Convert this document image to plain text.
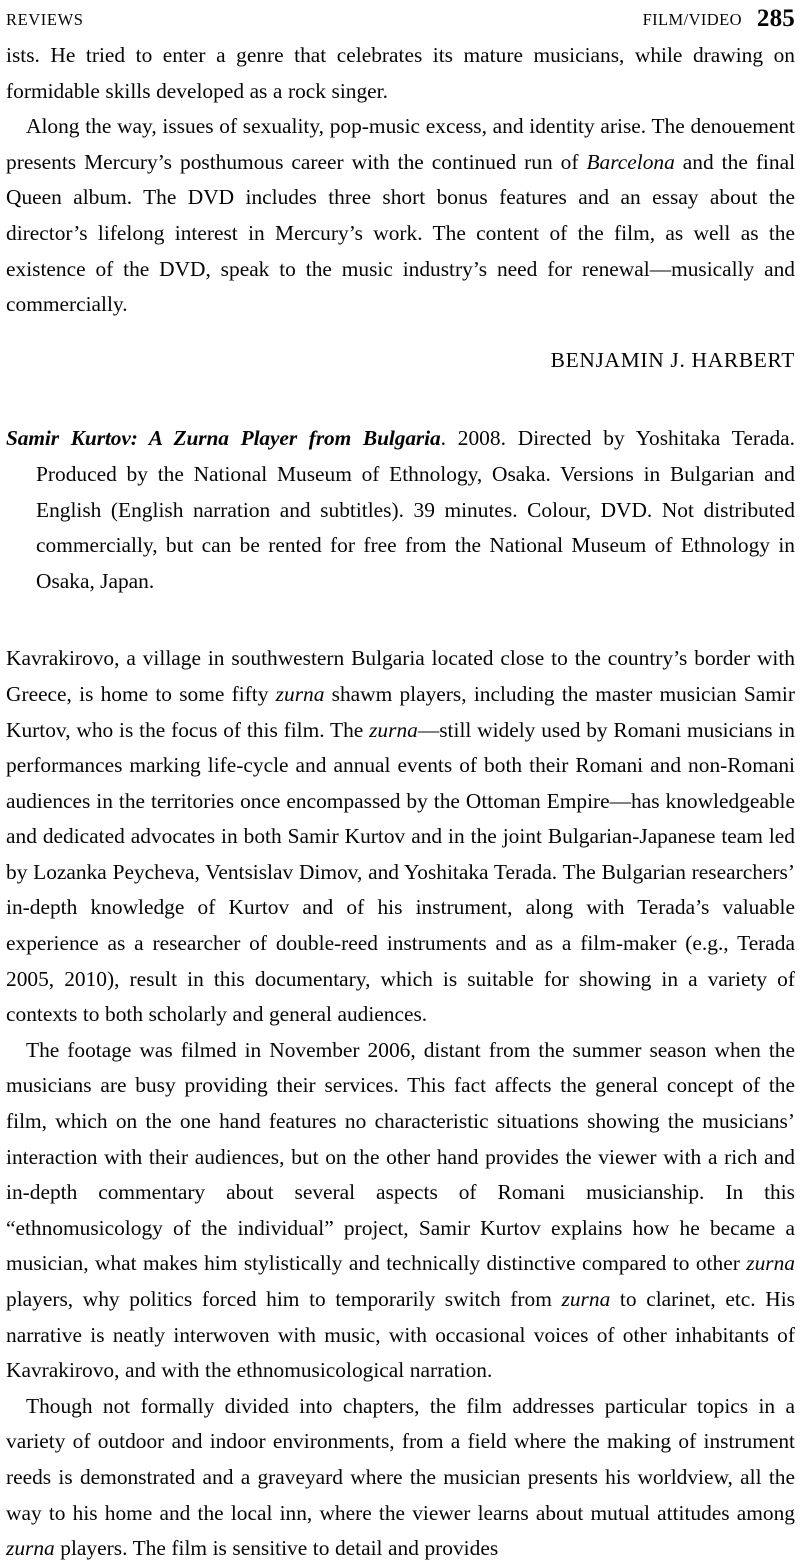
REVIEWS	FILM/VIDEO 285

ists. He tried to enter a genre that celebrates its mature musicians, while drawing on formidable skills developed as a rock singer.

Along the way, issues of sexuality, pop-music excess, and identity arise. The denouement presents Mercury’s posthumous career with the continued run of Barcelona and the final Queen album. The DVD includes three short bonus features and an essay about the director’s lifelong interest in Mercury’s work. The content of the film, as well as the existence of the DVD, speak to the music industry’s need for renewal—musically and commercially.

BENJAMIN J. HARBERT

Samir Kurtov: A Zurna Player from Bulgaria. 2008. Directed by Yoshitaka Terada. Produced by the National Museum of Ethnology, Osaka. Versions in Bulgarian and English (English narration and subtitles). 39 minutes. Colour, DVD. Not distributed commercially, but can be rented for free from the National Museum of Ethnology in Osaka, Japan.

Kavrakirovo, a village in southwestern Bulgaria located close to the country’s border with Greece, is home to some fifty zurna shawm players, including the master musician Samir Kurtov, who is the focus of this film. The zurna—still widely used by Romani musicians in performances marking life-cycle and annual events of both their Romani and non-Romani audiences in the territories once encompassed by the Ottoman Empire—has knowledgeable and dedicated advocates in both Samir Kurtov and in the joint Bulgarian-Japanese team led by Lozanka Peycheva, Ventsislav Dimov, and Yoshitaka Terada. The Bulgarian researchers’ in-depth knowledge of Kurtov and of his instrument, along with Terada’s valuable experience as a researcher of double-reed instruments and as a film-maker (e.g., Terada 2005, 2010), result in this documentary, which is suitable for showing in a variety of contexts to both scholarly and general audiences.

The footage was filmed in November 2006, distant from the summer season when the musicians are busy providing their services. This fact affects the general concept of the film, which on the one hand features no characteristic situations showing the musicians’ interaction with their audiences, but on the other hand provides the viewer with a rich and in-depth commentary about several aspects of Romani musicianship. In this “ethnomusicology of the individual” project, Samir Kurtov explains how he became a musician, what makes him stylistically and technically distinctive compared to other zurna players, why politics forced him to temporarily switch from zurna to clarinet, etc. His narrative is neatly interwoven with music, with occasional voices of other inhabitants of Kavrakirovo, and with the ethnomusicological narration.

Though not formally divided into chapters, the film addresses particular topics in a variety of outdoor and indoor environments, from a field where the making of instrument reeds is demonstrated and a graveyard where the musician presents his worldview, all the way to his home and the local inn, where the viewer learns about mutual attitudes among zurna players. The film is sensitive to detail and provides
